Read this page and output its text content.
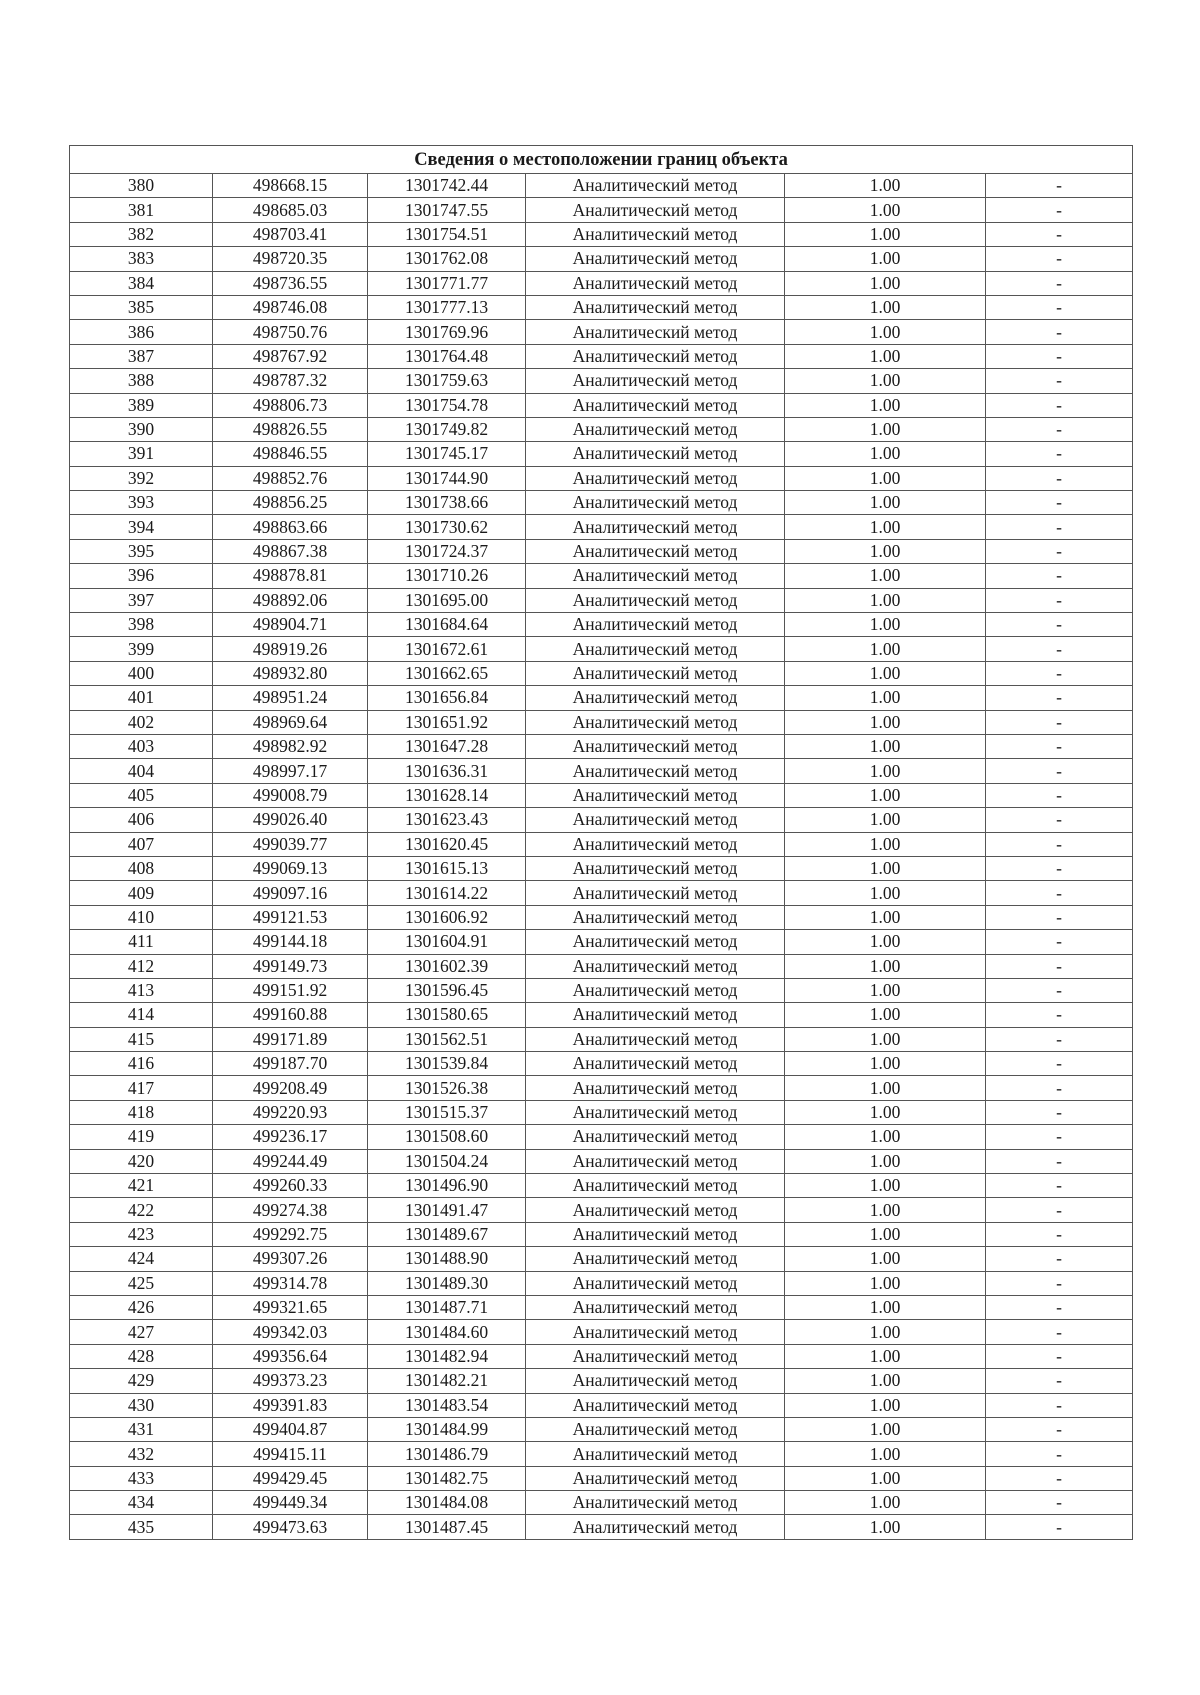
Сведения о местоположении границ объекта					
380	498668.15	1301742.44	Аналитический метод	1.00	-
381	498685.03	1301747.55	Аналитический метод	1.00	-
382	498703.41	1301754.51	Аналитический метод	1.00	-
383	498720.35	1301762.08	Аналитический метод	1.00	-
384	498736.55	1301771.77	Аналитический метод	1.00	-
385	498746.08	1301777.13	Аналитический метод	1.00	-
386	498750.76	1301769.96	Аналитический метод	1.00	-
387	498767.92	1301764.48	Аналитический метод	1.00	-
388	498787.32	1301759.63	Аналитический метод	1.00	-
389	498806.73	1301754.78	Аналитический метод	1.00	-
390	498826.55	1301749.82	Аналитический метод	1.00	-
391	498846.55	1301745.17	Аналитический метод	1.00	-
392	498852.76	1301744.90	Аналитический метод	1.00	-
393	498856.25	1301738.66	Аналитический метод	1.00	-
394	498863.66	1301730.62	Аналитический метод	1.00	-
395	498867.38	1301724.37	Аналитический метод	1.00	-
396	498878.81	1301710.26	Аналитический метод	1.00	-
397	498892.06	1301695.00	Аналитический метод	1.00	-
398	498904.71	1301684.64	Аналитический метод	1.00	-
399	498919.26	1301672.61	Аналитический метод	1.00	-
400	498932.80	1301662.65	Аналитический метод	1.00	-
401	498951.24	1301656.84	Аналитический метод	1.00	-
402	498969.64	1301651.92	Аналитический метод	1.00	-
403	498982.92	1301647.28	Аналитический метод	1.00	-
404	498997.17	1301636.31	Аналитический метод	1.00	-
405	499008.79	1301628.14	Аналитический метод	1.00	-
406	499026.40	1301623.43	Аналитический метод	1.00	-
407	499039.77	1301620.45	Аналитический метод	1.00	-
408	499069.13	1301615.13	Аналитический метод	1.00	-
409	499097.16	1301614.22	Аналитический метод	1.00	-
410	499121.53	1301606.92	Аналитический метод	1.00	-
411	499144.18	1301604.91	Аналитический метод	1.00	-
412	499149.73	1301602.39	Аналитический метод	1.00	-
413	499151.92	1301596.45	Аналитический метод	1.00	-
414	499160.88	1301580.65	Аналитический метод	1.00	-
415	499171.89	1301562.51	Аналитический метод	1.00	-
416	499187.70	1301539.84	Аналитический метод	1.00	-
417	499208.49	1301526.38	Аналитический метод	1.00	-
418	499220.93	1301515.37	Аналитический метод	1.00	-
419	499236.17	1301508.60	Аналитический метод	1.00	-
420	499244.49	1301504.24	Аналитический метод	1.00	-
421	499260.33	1301496.90	Аналитический метод	1.00	-
422	499274.38	1301491.47	Аналитический метод	1.00	-
423	499292.75	1301489.67	Аналитический метод	1.00	-
424	499307.26	1301488.90	Аналитический метод	1.00	-
425	499314.78	1301489.30	Аналитический метод	1.00	-
426	499321.65	1301487.71	Аналитический метод	1.00	-
427	499342.03	1301484.60	Аналитический метод	1.00	-
428	499356.64	1301482.94	Аналитический метод	1.00	-
429	499373.23	1301482.21	Аналитический метод	1.00	-
430	499391.83	1301483.54	Аналитический метод	1.00	-
431	499404.87	1301484.99	Аналитический метод	1.00	-
432	499415.11	1301486.79	Аналитический метод	1.00	-
433	499429.45	1301482.75	Аналитический метод	1.00	-
434	499449.34	1301484.08	Аналитический метод	1.00	-
435	499473.63	1301487.45	Аналитический метод	1.00	-
